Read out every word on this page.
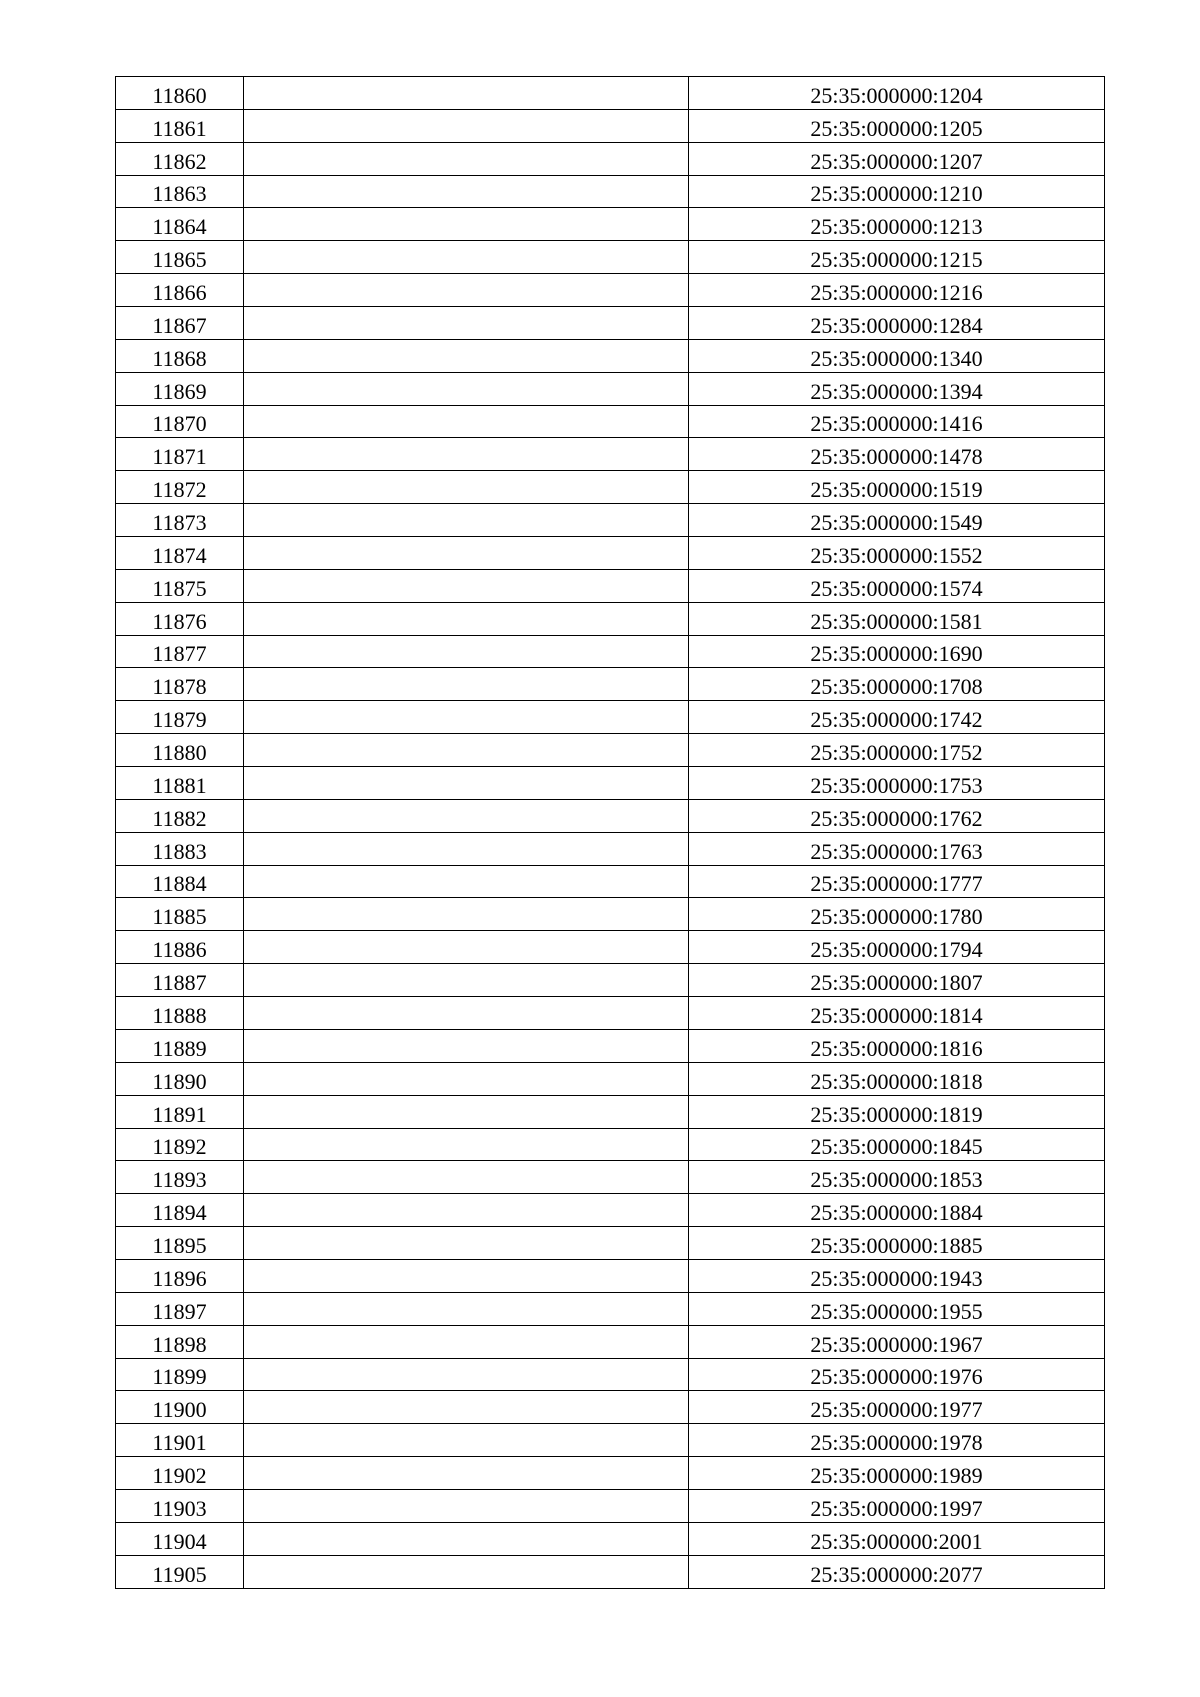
11860		25:35:000000:1204
11861		25:35:000000:1205
11862		25:35:000000:1207
11863		25:35:000000:1210
11864		25:35:000000:1213
11865		25:35:000000:1215
11866		25:35:000000:1216
11867		25:35:000000:1284
11868		25:35:000000:1340
11869		25:35:000000:1394
11870		25:35:000000:1416
11871		25:35:000000:1478
11872		25:35:000000:1519
11873		25:35:000000:1549
11874		25:35:000000:1552
11875		25:35:000000:1574
11876		25:35:000000:1581
11877		25:35:000000:1690
11878		25:35:000000:1708
11879		25:35:000000:1742
11880		25:35:000000:1752
11881		25:35:000000:1753
11882		25:35:000000:1762
11883		25:35:000000:1763
11884		25:35:000000:1777
11885		25:35:000000:1780
11886		25:35:000000:1794
11887		25:35:000000:1807
11888		25:35:000000:1814
11889		25:35:000000:1816
11890		25:35:000000:1818
11891		25:35:000000:1819
11892		25:35:000000:1845
11893		25:35:000000:1853
11894		25:35:000000:1884
11895		25:35:000000:1885
11896		25:35:000000:1943
11897		25:35:000000:1955
11898		25:35:000000:1967
11899		25:35:000000:1976
11900		25:35:000000:1977
11901		25:35:000000:1978
11902		25:35:000000:1989
11903		25:35:000000:1997
11904		25:35:000000:2001
11905		25:35:000000:2077
